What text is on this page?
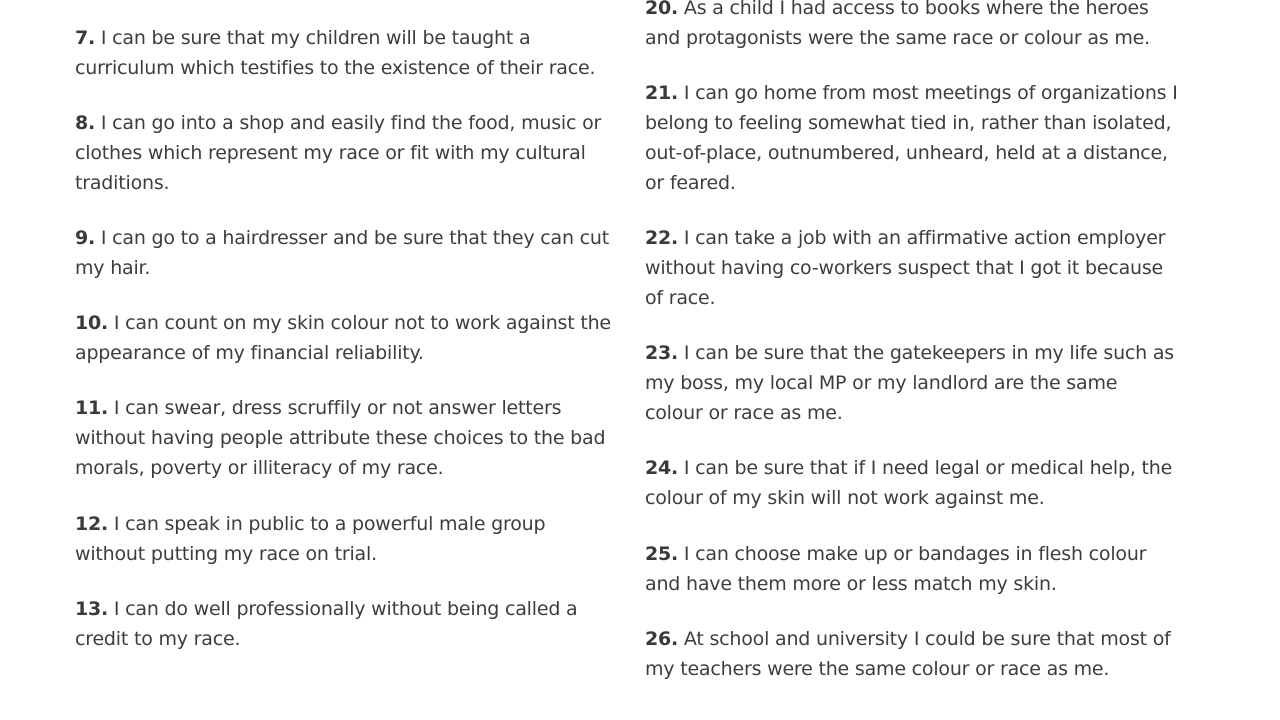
7. I can be sure that my children will be taught a
curriculum which testifies to the existence of their race.

8. I can go into a shop and easily find the food, music or
clothes which represent my race or fit with my cultural
traditions.

9. I can go to a hairdresser and be sure that they can cut
my hair.

10. I can count on my skin colour not to work against the
appearance of my financial reliability.

11. I can swear, dress scruffily or not answer letters
without having people attribute these choices to the bad
morals, poverty or illiteracy of my race.

12. I can speak in public to a powerful male group
without putting my race on trial.

13. I can do well professionally without being called a
credit to my race.

20. As a child I had access to books where the heroes
and protagonists were the same race or colour as me.

21. I can go home from most meetings of organizations I
belong to feeling somewhat tied in, rather than isolated,
out-of-place, outnumbered, unheard, held at a distance,
or feared.

22. I can take a job with an affirmative action employer
without having co-workers suspect that I got it because
of race.

23. I can be sure that the gatekeepers in my life such as
my boss, my local MP or my landlord are the same
colour or race as me.

24. I can be sure that if I need legal or medical help, the
colour of my skin will not work against me.

25. I can choose make up or bandages in flesh colour
and have them more or less match my skin.

26. At school and university I could be sure that most of
my teachers were the same colour or race as me.
